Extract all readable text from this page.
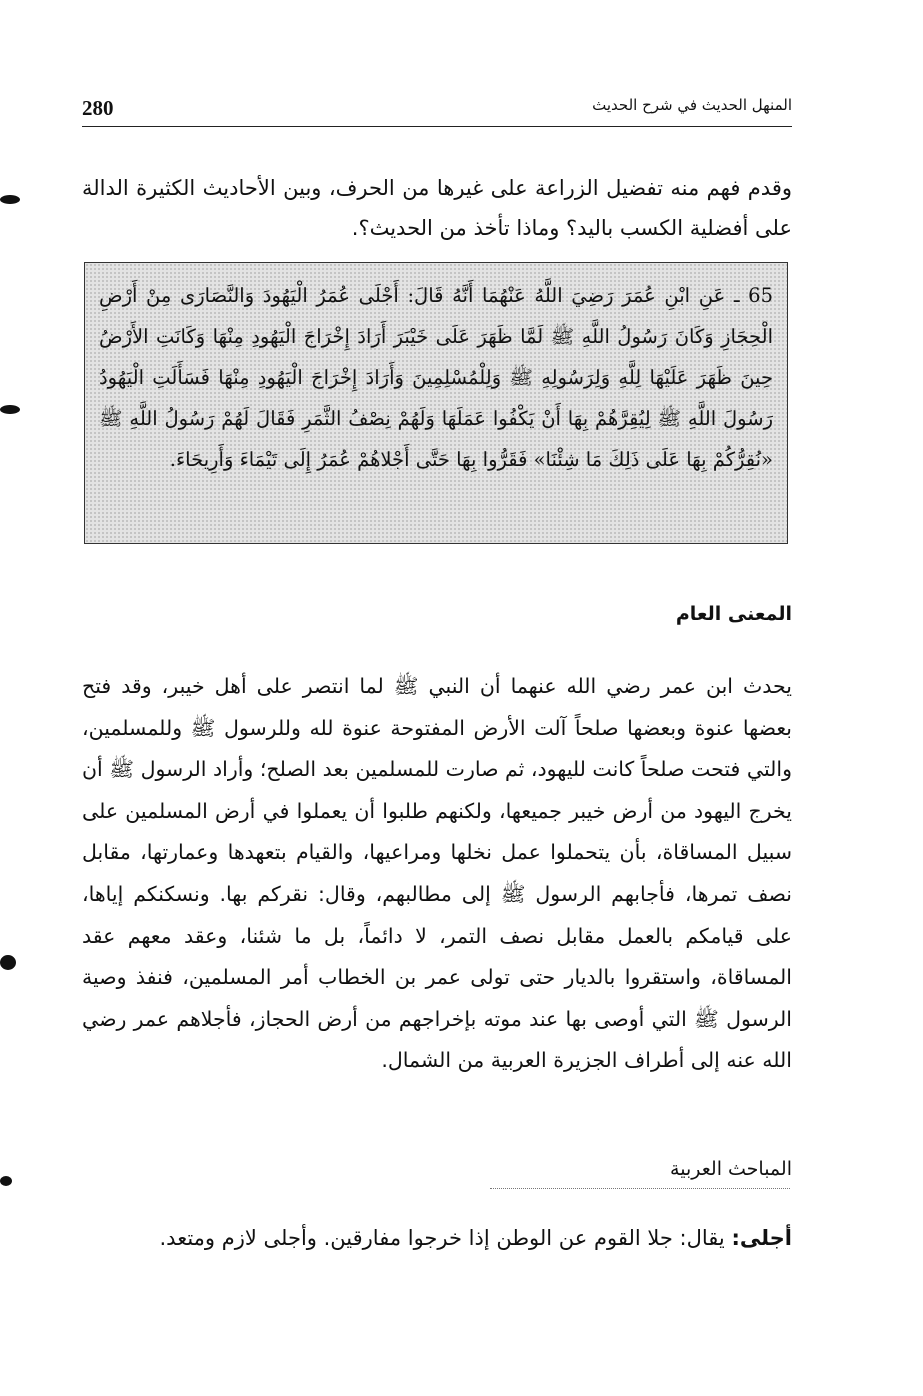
280	المنهل الحديث في شرح الحديث
وقدم فهم منه تفضيل الزراعة على غيرها من الحرف، وبين الأحاديث الكثيرة الدالة على أفضلية الكسب باليد؟ وماذا تأخذ من الحديث؟.
65 ـ عَنِ ابْنِ عُمَرَ رَضِيَ اللَّهُ عَنْهُمَا أَنَّهُ قَالَ: أَجْلَى عُمَرُ الْيَهُودَ وَالنَّصَارَى مِنْ أَرْضِ الْحِجَازِ وَكَانَ رَسُولُ اللَّهِ ﷺ لَمَّا ظَهَرَ عَلَى خَيْبَرَ أَرَادَ إِخْرَاجَ الْيَهُودِ مِنْهَا وَكَانَتِ الأَرْضُ حِينَ ظَهَرَ عَلَيْهَا لِلَّهِ وَلِرَسُولِهِ ﷺ وَلِلْمُسْلِمِينَ وَأَرَادَ إِخْرَاجَ الْيَهُودِ مِنْهَا فَسَأَلَتِ الْيَهُودُ رَسُولَ اللَّهِ ﷺ لِيُقِرَّهُمْ بِهَا أَنْ يَكْفُوا عَمَلَهَا وَلَهُمْ نِصْفُ الثَّمَرِ فَقَالَ لَهُمْ رَسُولُ اللَّهِ ﷺ «نُقِرُّكُمْ بِهَا عَلَى ذَلِكَ مَا شِئْنَا» فَقَرُّوا بِهَا حَتَّى أَجْلاهُمْ عُمَرُ إِلَى تَيْمَاءَ وَأَرِيحَاءَ.
المعنى العام
يحدث ابن عمر رضي الله عنهما أن النبي ﷺ لما انتصر على أهل خيبر، وقد فتح بعضها عنوة وبعضها صلحاً آلت الأرض المفتوحة عنوة لله وللرسول ﷺ وللمسلمين، والتي فتحت صلحاً كانت لليهود، ثم صارت للمسلمين بعد الصلح؛ وأراد الرسول ﷺ أن يخرج اليهود من أرض خيبر جميعها، ولكنهم طلبوا أن يعملوا في أرض المسلمين على سبيل المساقاة، بأن يتحملوا عمل نخلها ومراعيها، والقيام بتعهدها وعمارتها، مقابل نصف تمرها، فأجابهم الرسول ﷺ إلى مطالبهم، وقال: نقركم بها. ونسكنكم إياها، على قيامكم بالعمل مقابل نصف التمر، لا دائماً، بل ما شئنا، وعقد معهم عقد المساقاة، واستقروا بالديار حتى تولى عمر بن الخطاب أمر المسلمين، فنفذ وصية الرسول ﷺ التي أوصى بها عند موته بإخراجهم من أرض الحجاز، فأجلاهم عمر رضي الله عنه إلى أطراف الجزيرة العربية من الشمال.
المباحث العربية
أجلى: يقال: جلا القوم عن الوطن إذا خرجوا مفارقين. وأجلى لازم ومتعد.
